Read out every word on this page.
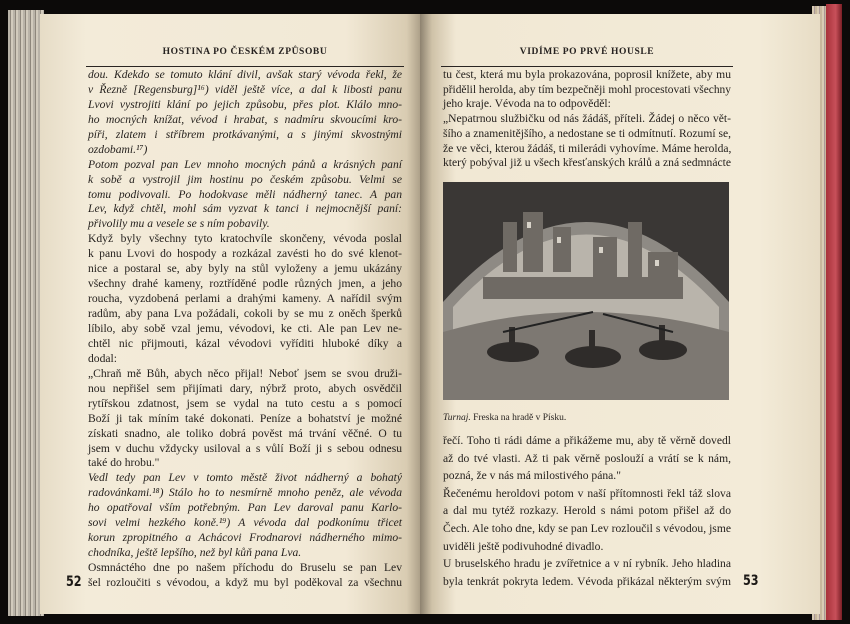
HOSTINA PO ČESKÉM ZPŮSOBU	VIDÍME PO PRVÉ HOUSLE
dou. Kdekdo se tomuto klání divil, avšak starý vévoda řekl, že
v Řezně [Regensburg]¹⁶) viděl ještě více, a dal k libosti panu
Lvovi vystrojiti klání po jejich způsobu, přes plot. Klálo mno-
ho mocných knížat, vévod i hrabat, s nadmíru skvoucími kro-
píři, zlatem i stříbrem protkávanými, a s jinými skvostnými
ozdobami.¹⁷)
Potom pozval pan Lev mnoho mocných pánů a krásných paní
k sobě a vystrojil jim hostinu po českém způsobu. Velmi se
tomu podivovali. Po hodokvase měli nádherný tanec. A pan
Lev, když chtěl, mohl sám vyzvat k tanci i nejmocnější paní:
přivolily mu a vesele se s ním pobavily.
Když byly všechny tyto kratochvíle skončeny, vévoda poslal
k panu Lvovi do hospody a rozkázal zavésti ho do své klenot-
nice a postaral se, aby byly na stůl vyloženy a jemu ukázány
všechny drahé kameny, roztříděné podle různých jmen, a jeho
roucha, vyzdobená perlami a drahými kameny. A nařídil svým
radům, aby pana Lva požádali, cokoli by se mu z oněch šperků
líbilo, aby sobě vzal jemu, vévodovi, ke cti. Ale pan Lev ne-
chtěl nic přijmouti, kázal vévodovi vyříditi hluboké díky a
dodal:
„Chraň mě Bůh, abych něco přijal! Neboť jsem se svou druži-
nou nepřišel sem přijímati dary, nýbrž proto, abych osvědčil
rytířskou zdatnost, jsem se vydal na tuto cestu a s pomocí
Boží ji tak míním také dokonati. Peníze a bohatství je možné
získati snadno, ale toliko dobrá pověst má trvání věčné. O tu
jsem v duchu vždycky usiloval a s vůlí Boží ji s sebou odnesu
také do hrobu."
Vedl tedy pan Lev v tomto městě život nádherný a bohatý
radovánkami.¹⁸) Stálo ho to nesmírně mnoho peněz, ale vévoda
ho opatřoval vším potřebným. Pan Lev daroval panu Karlo-
sovi velmi hezkého koně.¹⁹) A vévoda dal podkonímu třicet
korun zpropitného a Achácovi Frodnarovi nádherného mimo-
chodníka, ještě lepšího, než byl kůň pana Lva.
Osmnáctého dne po našem příchodu do Bruselu se pan Lev
šel rozloučiti s vévodou, a když mu byl poděkoval za všechnu
tu čest, která mu byla prokazována, poprosil knížete, aby mu
přidělil herolda, aby tím bezpečněji mohl procestovati všechny
jeho kraje. Vévoda na to odpověděl:
„Nepatrnou službičku od nás žádáš, příteli. Žádej o něco vět-
šího a znamenitějšího, a nedostane se ti odmítnutí. Rozumí se,
že ve věci, kterou žádáš, ti milerádi vyhovíme. Máme herolda,
který pobýval již u všech křesťanských králů a zná sedmnácte
řečí. Toho ti rádi dáme a přikážeme mu, aby tě věrně dovedl
až do tvé vlasti. Až ti pak věrně poslouží a vrátí se k nám,
pozná, že v nás má milostivého pána."
Řečenému heroldovi potom v naší přítomnosti řekl táž slova
a dal mu tytéž rozkazy. Herold s námi potom přišel až do
Čech. Ale toho dne, kdy se pan Lev rozloučil s vévodou, jsme
uviděli ještě podivuhodné divadlo.
U bruselského hradu je zvířetnice a v ní rybník. Jeho hladina
byla tenkrát pokryta ledem. Vévoda přikázal některým svým
Turnaj. Freska na hradě v Písku.
52	53
